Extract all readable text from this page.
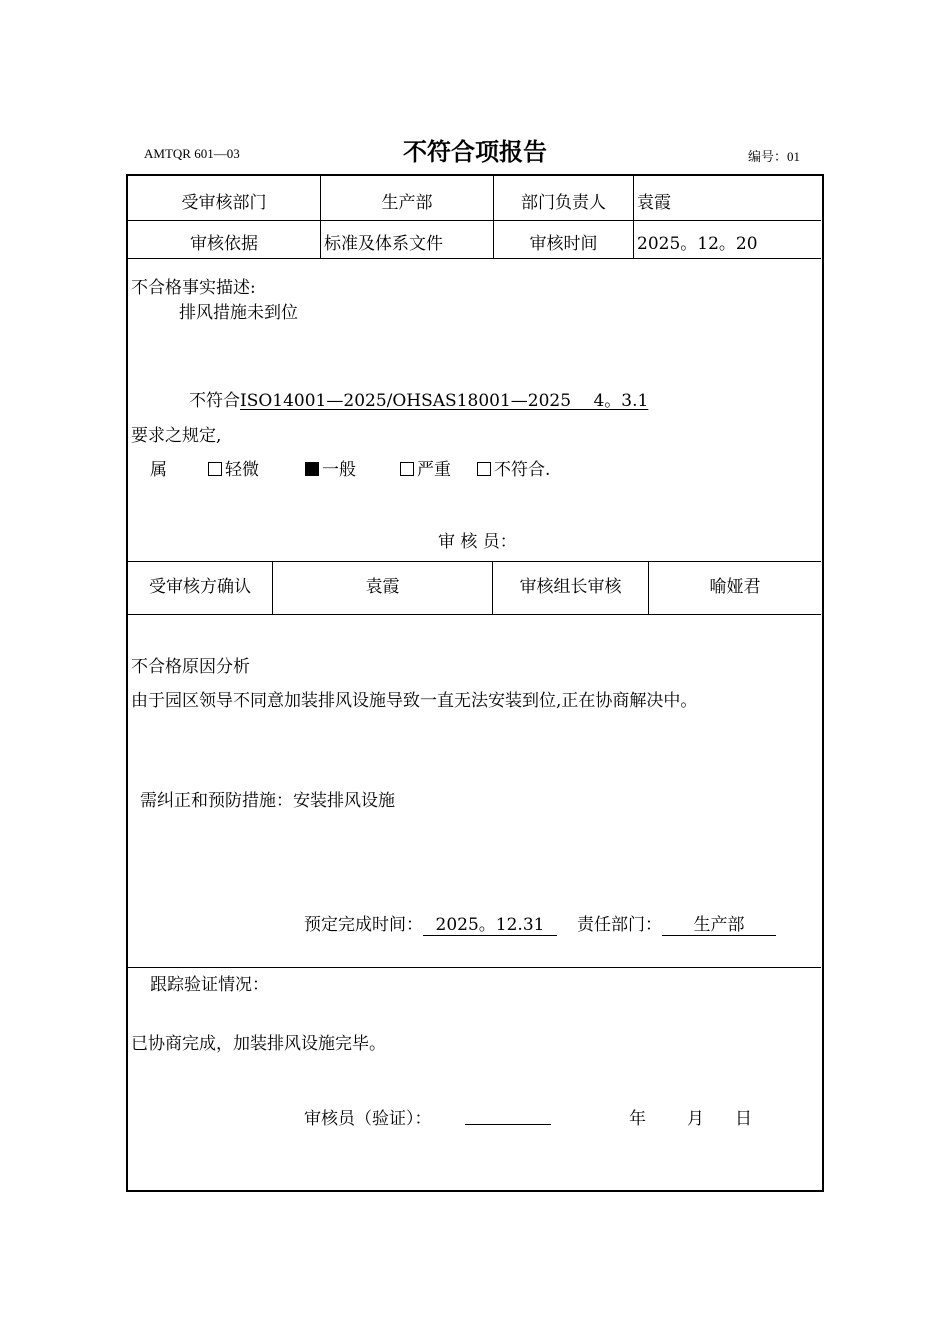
AMTQR 601—03	不符合项报告	编号：01
受审核部门	生产部	部门负责人	袁霞
审核依据	标准及体系文件	审核时间	2025。12。20
不合格事实描述:
排风措施未到位
不符合ISO14001—2025/OHSAS18001—2025　 4。3.1
要求之规定,
属	轻微	一般	严重	不符合.
审 核 员：
受审核方确认	袁霞	审核组长审核	喻娅君
不合格原因分析
由于园区领导不同意加装排风设施导致一直无法安装到位,正在协商解决中。
需纠正和预防措施：安装排风设施
预定完成时间： 2025。12.31 责任部门： 生产部
跟踪验证情况：
已协商完成，加装排风设施完毕。
审核员（验证）：	年 月 日
